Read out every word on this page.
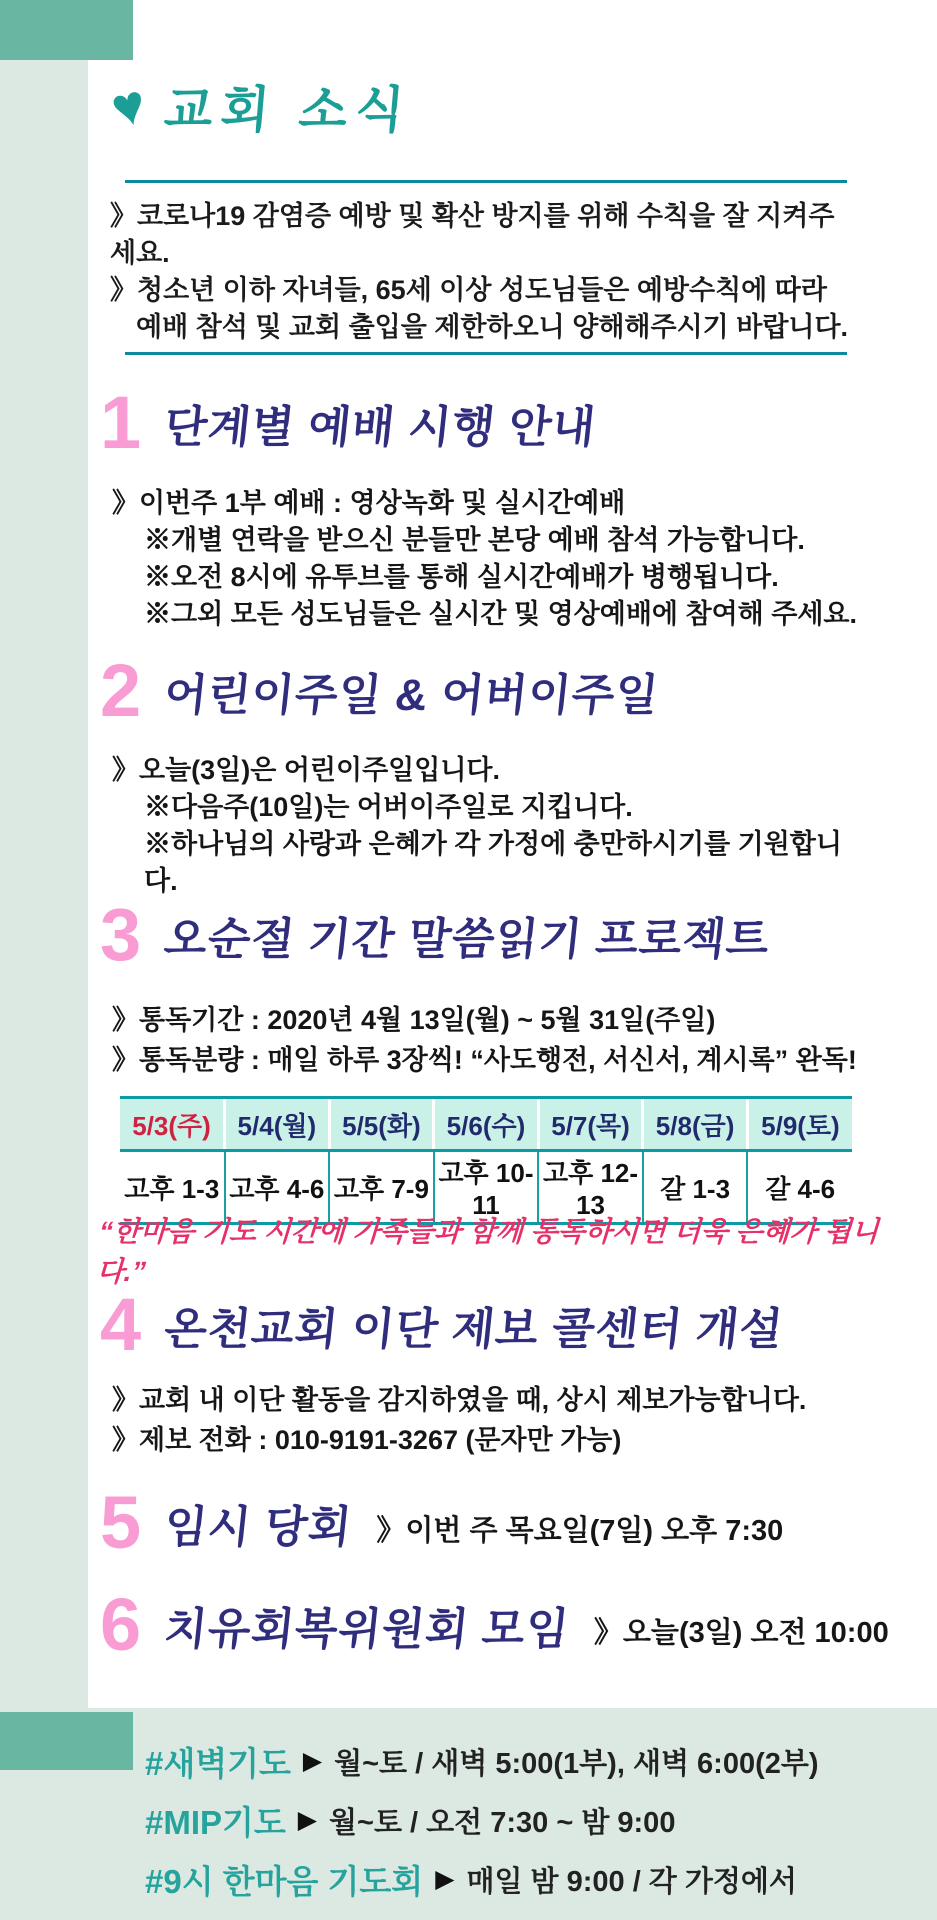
♥ 교회 소식
》코로나19 감염증 예방 및 확산 방지를 위해 수칙을 잘 지켜주세요.
》청소년 이하 자녀들, 65세 이상 성도님들은 예방수칙에 따라
예배 참석 및 교회 출입을 제한하오니 양해해주시기 바랍니다.
1 단계별 예배 시행 안내
》이번주 1부 예배 : 영상녹화 및 실시간예배
※개별 연락을 받으신 분들만 본당 예배 참석 가능합니다.
※오전 8시에 유투브를 통해 실시간예배가 병행됩니다.
※그외 모든 성도님들은 실시간 및 영상예배에 참여해 주세요.
2 어린이주일 & 어버이주일
》오늘(3일)은 어린이주일입니다.
※다음주(10일)는 어버이주일로 지킵니다.
※하나님의 사랑과 은혜가 각 가정에 충만하시기를 기원합니다.
3 오순절 기간 말씀읽기 프로젝트
》통독기간 : 2020년 4월 13일(월) ~ 5월 31일(주일)
》통독분량 : 매일 하루 3장씩! “사도행전, 서신서, 계시록” 완독!
5/3(주)	5/4(월)	5/5(화)	5/6(수)	5/7(목)	5/8(금)	5/9(토)
고후 1-3	고후 4-6	고후 7-9	고후 10-11	고후 12-13	갈 1-3	갈 4-6
“한마음 기도 시간에 가족들과 함께 통독하시면 더욱 은혜가 됩니다.”
4 온천교회 이단 제보 콜센터 개설
》교회 내 이단 활동을 감지하였을 때, 상시 제보가능합니다.
》제보 전화 : 010-9191-3267 (문자만 가능)
5 임시 당회 》이번 주 목요일(7일) 오후 7:30
6 치유회복위원회 모임 》오늘(3일) 오전 10:00
#새벽기도 ▶ 월~토 / 새벽 5:00(1부), 새벽 6:00(2부)
#MIP기도 ▶ 월~토 / 오전 7:30 ~ 밤 9:00
#9시 한마음 기도회 ▶ 매일 밤 9:00 / 각 가정에서
